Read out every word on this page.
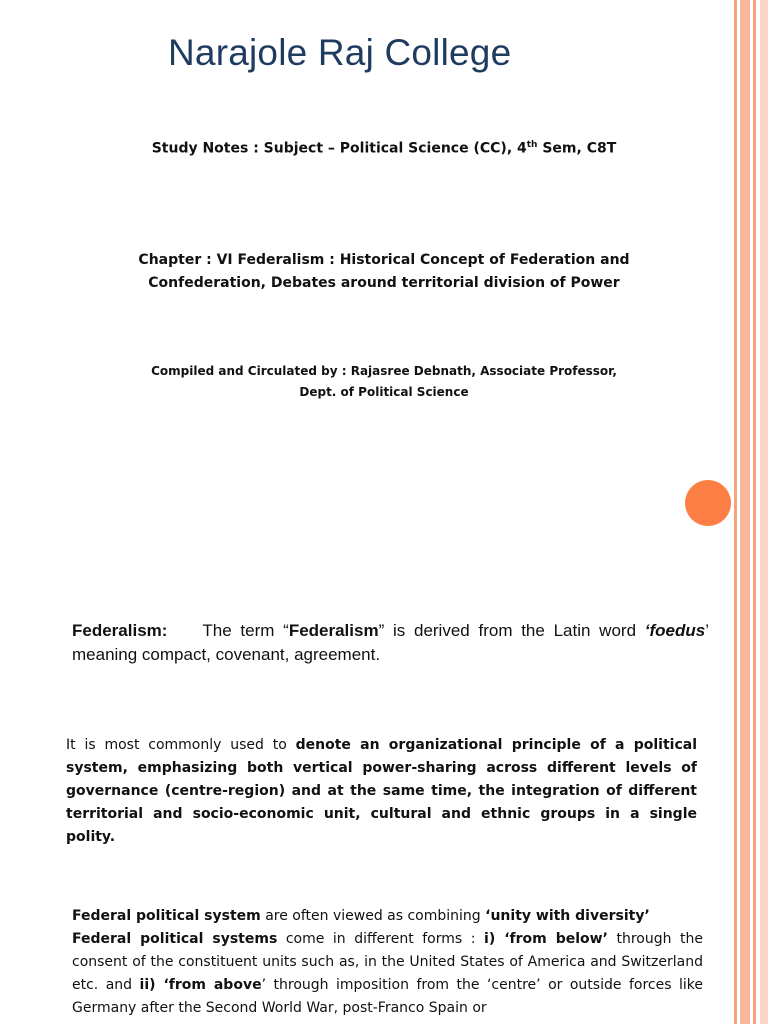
Narajole Raj College
Study Notes : Subject – Political Science (CC), 4th Sem, C8T
Chapter : VI Federalism : Historical Concept of Federation and
Confederation, Debates around territorial division of Power
Compiled and Circulated by : Rajasree Debnath, Associate Professor,
Dept. of Political Science
Federalism: The term “Federalism” is derived from the Latin word ‘foedus’ meaning compact, covenant, agreement.
It is most commonly used to denote an organizational principle of a political system, emphasizing both vertical power-sharing across different levels of governance (centre-region) and at the same time, the integration of different territorial and socio-economic unit, cultural and ethnic groups in a single polity.
Federal political system are often viewed as combining ‘unity with diversity’
Federal political systems come in different forms : i) ‘from below’ through the consent of the constituent units such as, in the United States of America and Switzerland etc. and ii) ‘from above’ through imposition from the ‘centre’ or outside forces like Germany after the Second World War, post-Franco Spain or
